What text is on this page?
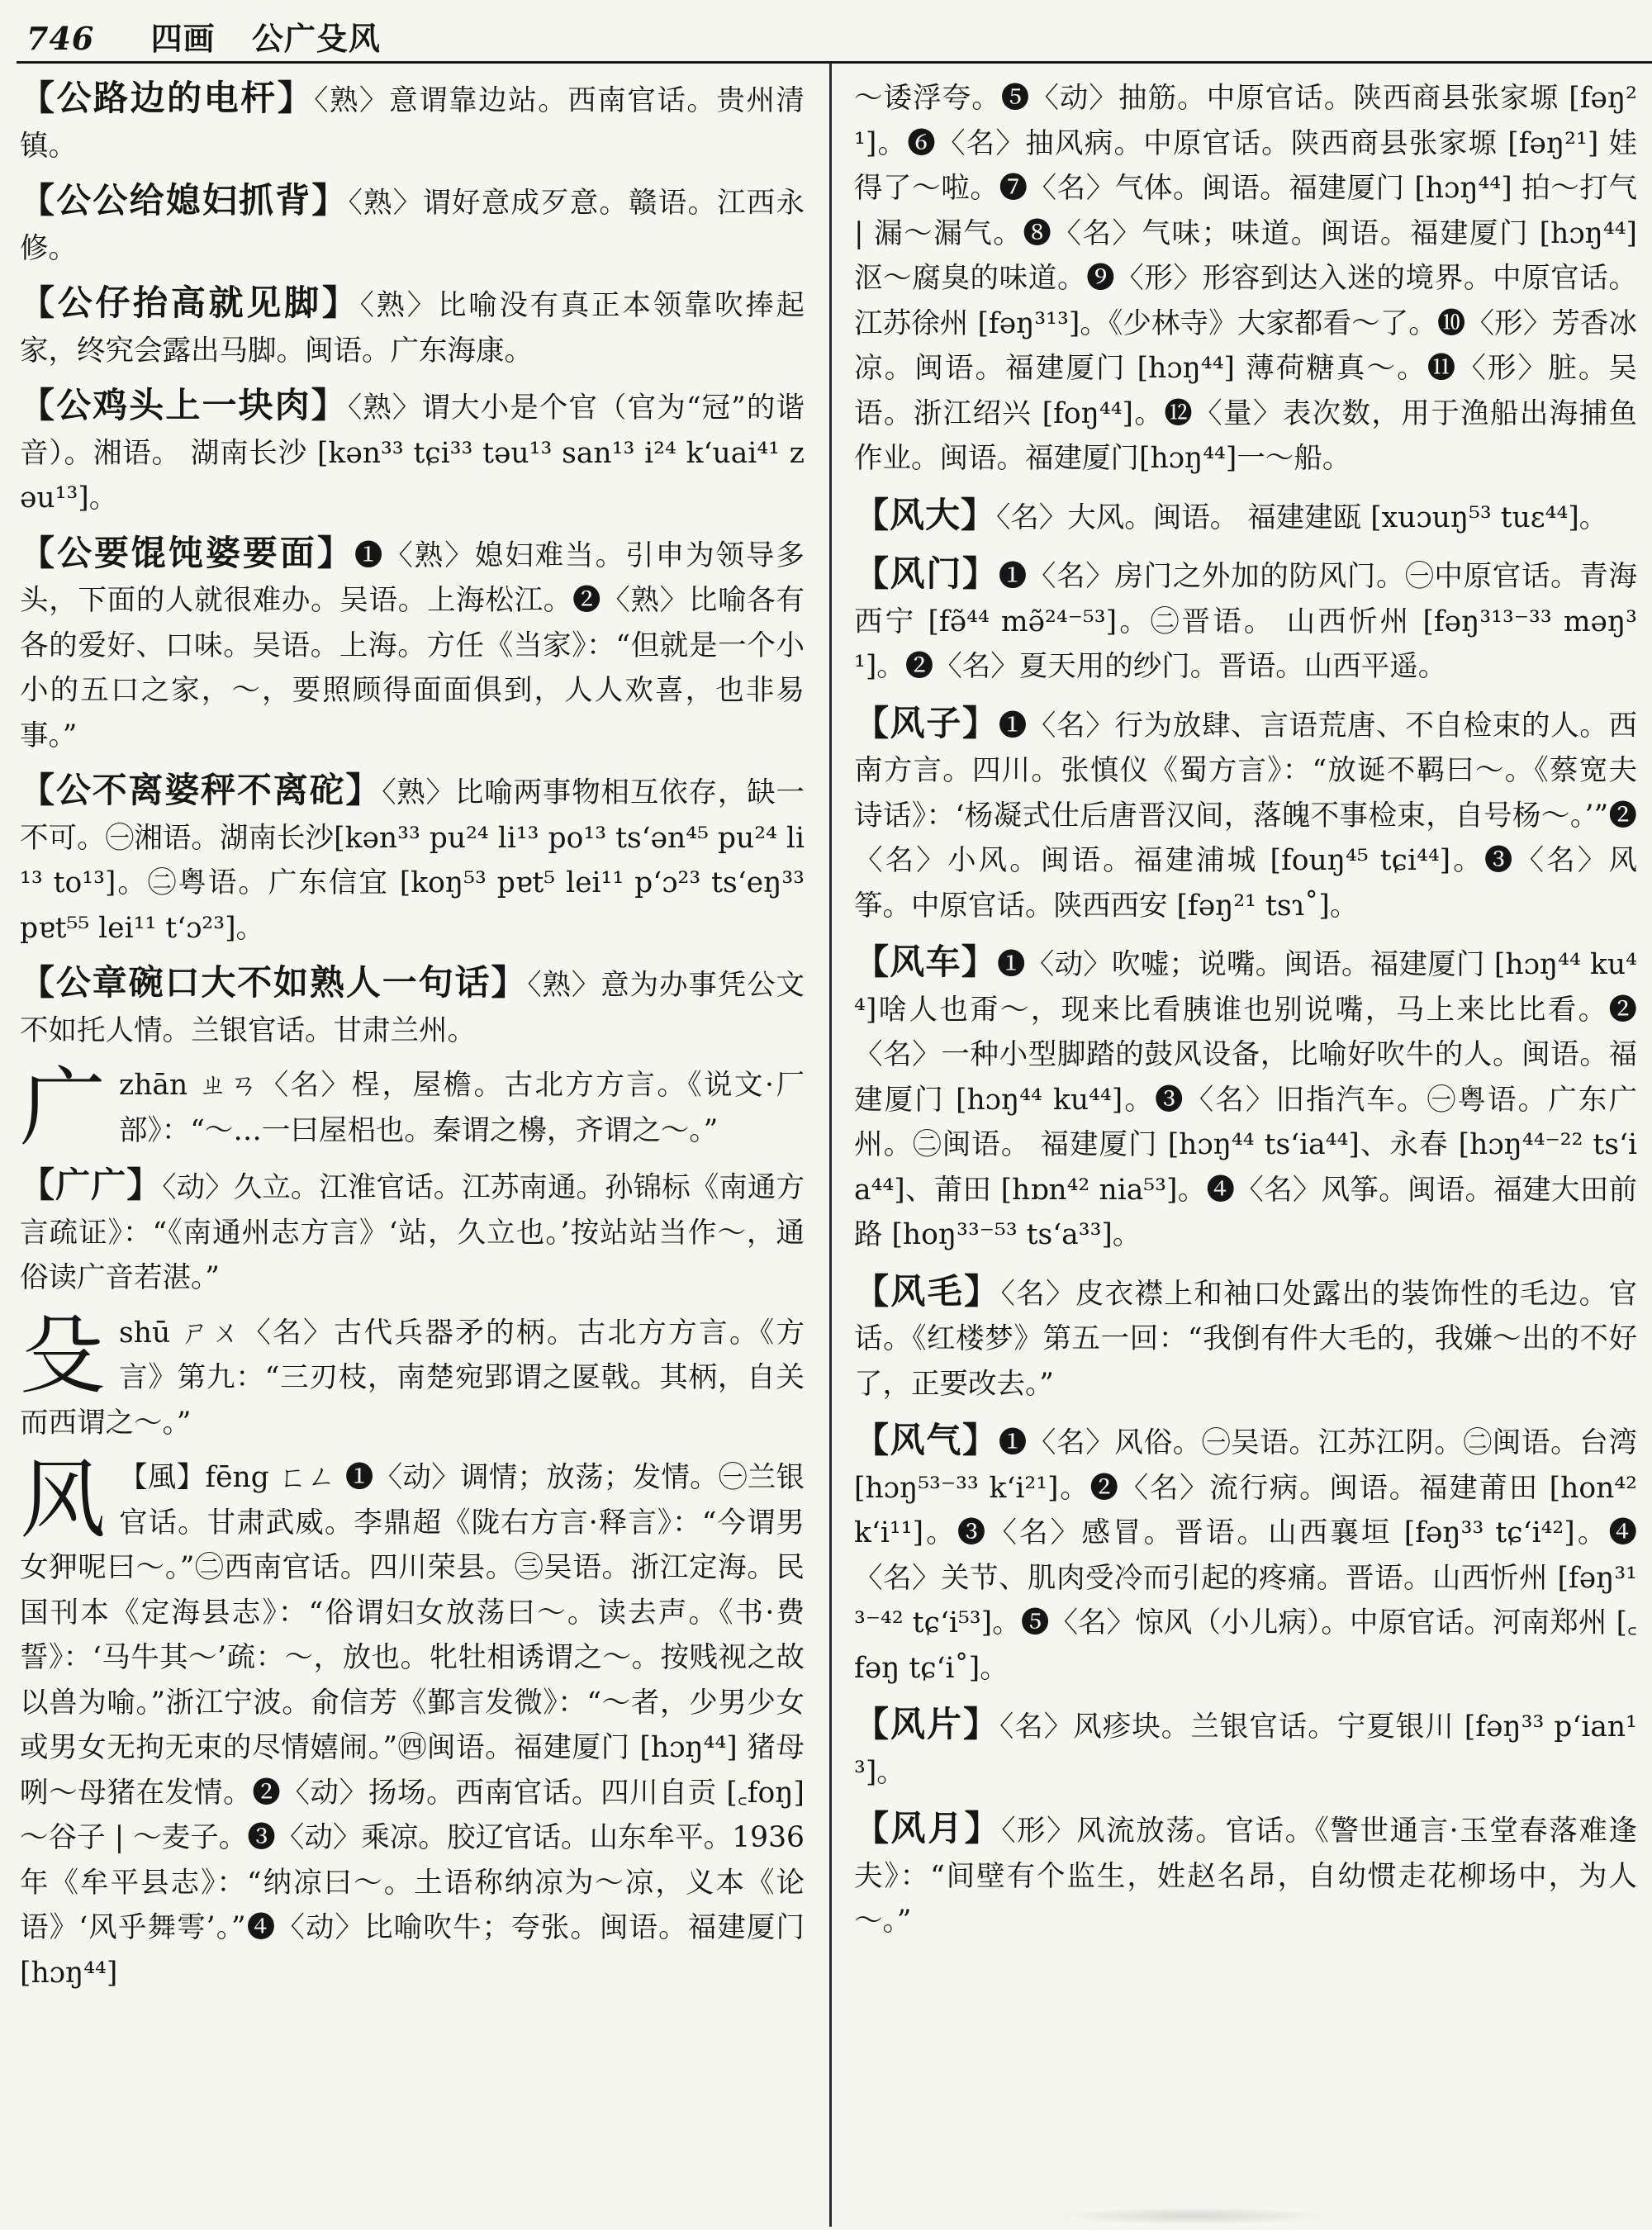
746 四画 公广殳风
【公路边的电杆】〈熟〉意谓靠边站。西南官话。贵州清镇。
【公公给媳妇抓背】〈熟〉谓好意成歹意。赣语。江西永修。
【公仔抬高就见脚】〈熟〉比喻没有真正本领靠吹捧起家，终究会露出马脚。闽语。广东海康。
【公鸡头上一块肉】〈熟〉谓大小是个官（官为“冠”的谐音）。湘语。 湖南长沙 [kən³³ tɕi³³ təu¹³ san¹³ i²⁴ k‘uai⁴¹ zəu¹³]。
【公要馄饨婆要面】❶〈熟〉媳妇难当。引申为领导多头，下面的人就很难办。吴语。上海松江。❷〈熟〉比喻各有各的爱好、口味。吴语。上海。方任《当家》：“但就是一个小小的五口之家，～，要照顾得面面俱到，人人欢喜，也非易事。”
【公不离婆秤不离砣】〈熟〉比喻两事物相互依存，缺一不可。㊀湘语。湖南长沙[kən³³ pu²⁴ li¹³ po¹³ ts‘ən⁴⁵ pu²⁴ li¹³ to¹³]。㊁粤语。广东信宜 [koŋ⁵³ pɐt⁵ lei¹¹ p‘ɔ²³ ts‘eŋ³³ pɐt⁵⁵ lei¹¹ t‘ɔ²³]。
【公章碗口大不如熟人一句话】〈熟〉意为办事凭公文不如托人情。兰银官话。甘肃兰州。
广zhān ㄓㄢ〈名〉桯，屋檐。古北方方言。《说文·厂部》：“～…一曰屋梠也。秦谓之櫋，齐谓之～。”
【广广】〈动〉久立。江淮官话。江苏南通。孙锦标《南通方言疏证》：“《南通州志方言》‘站，久立也。’按站站当作～，通俗读广音若湛。”
殳shū ㄕㄨ〈名〉古代兵器矛的柄。古北方方言。《方言》第九：“三刃枝，南楚宛郢谓之匽戟。其柄，自关而西谓之～。”
风 【風】fēng ㄈㄥ ❶〈动〉调情；放荡；发情。㊀兰银官话。甘肃武威。李鼎超《陇右方言·释言》：“今谓男女狎呢曰～。”㊁西南官话。四川荣县。㊂吴语。浙江定海。民国刊本《定海县志》：“俗谓妇女放荡曰～。读去声。《书·费誓》：‘马牛其～’疏：～，放也。牝牡相诱谓之～。按贱视之故以兽为喻。”浙江宁波。俞信芳《鄞言发微》：“～者，少男少女或男女无拘无束的尽情嬉闹。”㊃闽语。福建厦门 [hɔŋ⁴⁴] 猪母咧～母猪在发情。❷〈动〉扬场。西南官话。四川自贡 [꜀foŋ] ～谷子 | ～麦子。❸〈动〉乘凉。胶辽官话。山东牟平。1936年《牟平县志》：“纳凉曰～。土语称纳凉为～凉，义本《论语》‘风乎舞雩’。”❹〈动〉比喻吹牛；夸张。闽语。福建厦门 [hɔŋ⁴⁴]
～诿浮夸。❺〈动〉抽筋。中原官话。陕西商县张家塬 [fəŋ²¹]。❻〈名〉抽风病。中原官话。陕西商县张家塬 [fəŋ²¹] 娃得了～啦。❼〈名〉气体。闽语。福建厦门 [hɔŋ⁴⁴] 拍～打气 | 漏～漏气。❽〈名〉气味；味道。闽语。福建厦门 [hɔŋ⁴⁴] 沤～腐臭的味道。❾〈形〉形容到达入迷的境界。中原官话。江苏徐州 [fəŋ³¹³]。《少林寺》大家都看～了。❿〈形〉芳香冰凉。闽语。福建厦门 [hɔŋ⁴⁴] 薄荷糖真～。⓫〈形〉脏。吴语。浙江绍兴 [foŋ⁴⁴]。⓬〈量〉表次数，用于渔船出海捕鱼作业。闽语。福建厦门[hɔŋ⁴⁴]一～船。
【风大】〈名〉大风。闽语。 福建建瓯 [xuɔuŋ⁵³ tuɛ⁴⁴]。
【风门】❶〈名〉房门之外加的防风门。㊀中原官话。青海西宁 [fə̃⁴⁴ mə̃²⁴⁻⁵³]。㊁晋语。 山西忻州 [fəŋ³¹³⁻³³ məŋ³¹]。❷〈名〉夏天用的纱门。晋语。山西平遥。
【风子】❶〈名〉行为放肆、言语荒唐、不自检束的人。西南方言。四川。张慎仪《蜀方言》：“放诞不羁曰～。《蔡宽夫诗话》：‘杨凝式仕后唐晋汉间，落魄不事检束，自号杨～。’”❷〈名〉小风。闽语。福建浦城 [fouŋ⁴⁵ tɕi⁴⁴]。❸〈名〉风筝。中原官话。陕西西安 [fəŋ²¹ tsɿ˚]。
【风车】❶〈动〉吹嘘；说嘴。闽语。福建厦门 [hɔŋ⁴⁴ ku⁴⁴]啥人也甭～，现来比看胰谁也别说嘴，马上来比比看。❷〈名〉一种小型脚踏的鼓风设备，比喻好吹牛的人。闽语。福建厦门 [hɔŋ⁴⁴ ku⁴⁴]。❸〈名〉旧指汽车。㊀粤语。广东广州。㊁闽语。 福建厦门 [hɔŋ⁴⁴ ts‘ia⁴⁴]、永春 [hɔŋ⁴⁴⁻²² ts‘ia⁴⁴]、莆田 [hɒn⁴² nia⁵³]。❹〈名〉风筝。闽语。福建大田前路 [hoŋ³³⁻⁵³ ts‘a³³]。
【风毛】〈名〉皮衣襟上和袖口处露出的装饰性的毛边。官话。《红楼梦》第五一回：“我倒有件大毛的，我嫌～出的不好了，正要改去。”
【风气】❶〈名〉风俗。㊀吴语。江苏江阴。㊁闽语。台湾 [hɔŋ⁵³⁻³³ k‘i²¹]。❷〈名〉流行病。闽语。福建莆田 [hon⁴² k‘i¹¹]。❸〈名〉感冒。晋语。山西襄垣 [fəŋ³³ tɕ‘i⁴²]。❹〈名〉关节、肌肉受冷而引起的疼痛。晋语。山西忻州 [fəŋ³¹³⁻⁴² tɕ‘i⁵³]。❺〈名〉惊风（小儿病）。中原官话。河南郑州 [꜀fəŋ tɕ‘i˚]。
【风片】〈名〉风疹块。兰银官话。宁夏银川 [fəŋ³³ p‘ian¹³]。
【风月】〈形〉风流放荡。官话。《警世通言·玉堂春落难逢夫》：“间壁有个监生，姓赵名昂，自幼惯走花柳场中，为人～。”
